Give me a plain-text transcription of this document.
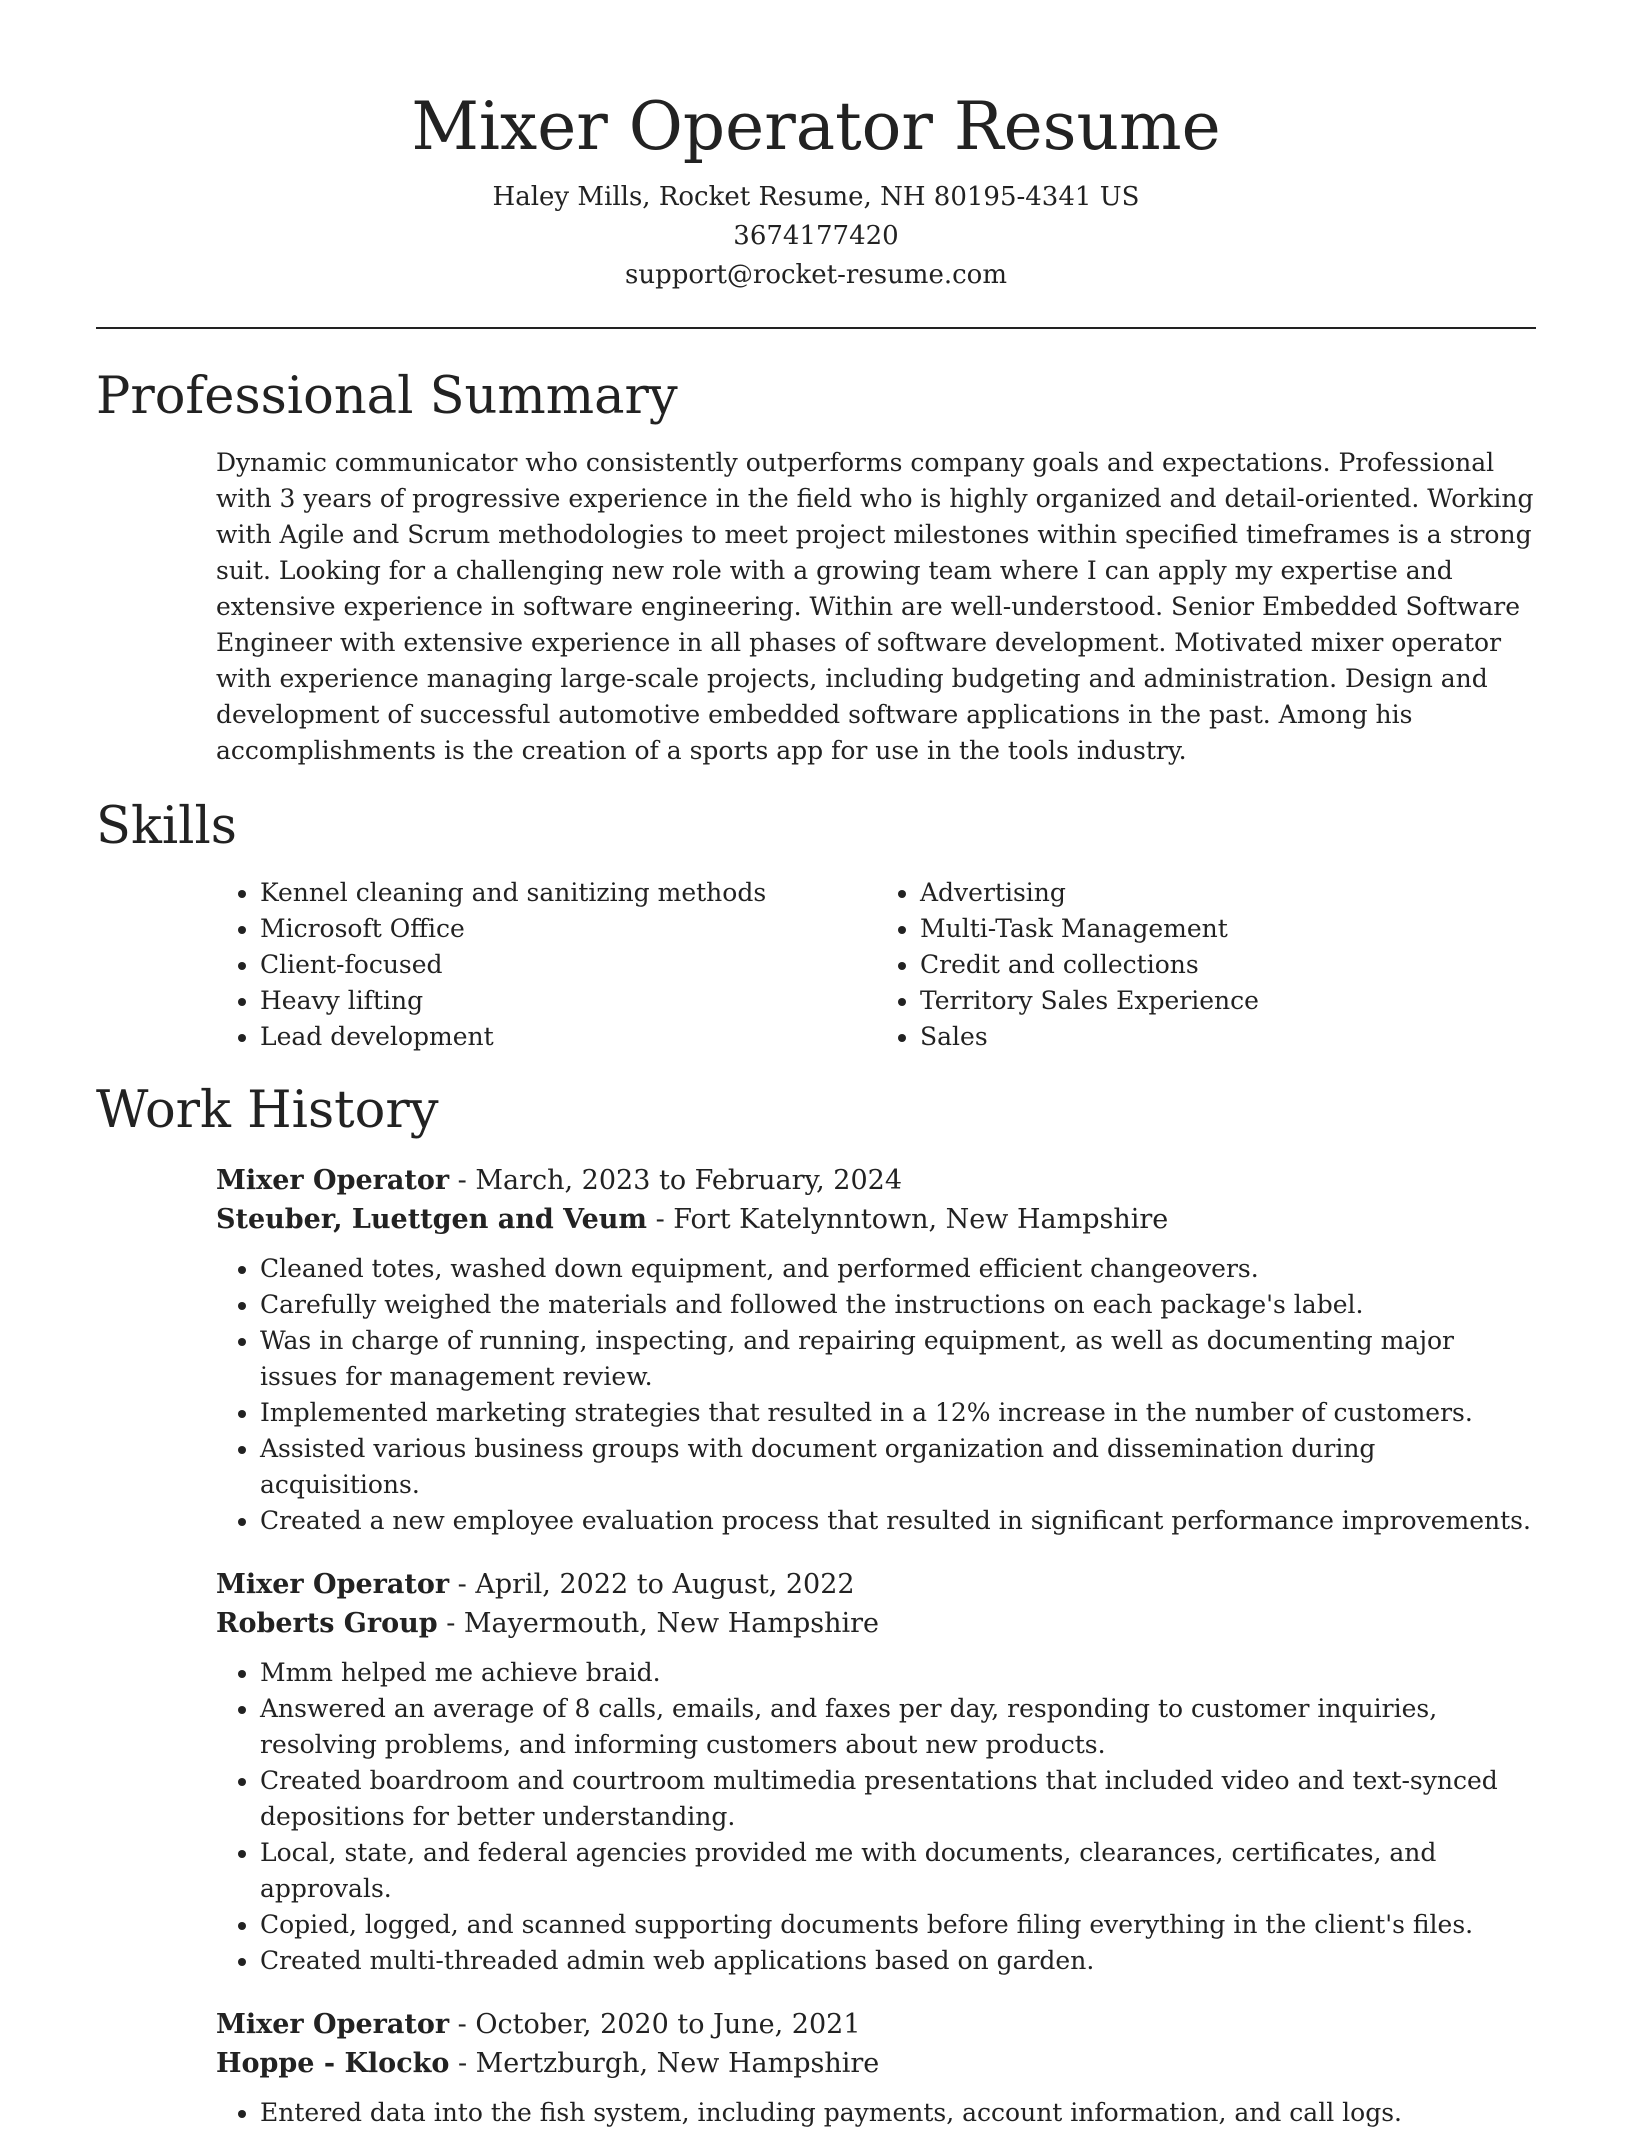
Mixer Operator Resume
Haley Mills, Rocket Resume, NH 80195-4341 US
3674177420
support@rocket-resume.com
Professional Summary

Dynamic communicator who consistently outperforms company goals and expectations. Professional with 3 years of progressive experience in the field who is highly organized and detail-oriented. Working with Agile and Scrum methodologies to meet project milestones within specified timeframes is a strong suit. Looking for a challenging new role with a growing team where I can apply my expertise and extensive experience in software engineering. Within are well-understood. Senior Embedded Software Engineer with extensive experience in all phases of software development. Motivated mixer operator with experience managing large-scale projects, including budgeting and administration. Design and development of successful automotive embedded software applications in the past. Among his accomplishments is the creation of a sports app for use in the tools industry.

Skills
• Kennel cleaning and sanitizing methods
• Microsoft Office
• Client-focused
• Heavy lifting
• Lead development
• Advertising
• Multi-Task Management
• Credit and collections
• Territory Sales Experience
• Sales
Work History
Mixer Operator - March, 2023 to February, 2024
Steuber, Luettgen and Veum - Fort Katelynntown, New Hampshire
• Cleaned totes, washed down equipment, and performed efficient changeovers.
• Carefully weighed the materials and followed the instructions on each package's label.
• Was in charge of running, inspecting, and repairing equipment, as well as documenting major issues for management review.
• Implemented marketing strategies that resulted in a 12% increase in the number of customers.
• Assisted various business groups with document organization and dissemination during acquisitions.
• Created a new employee evaluation process that resulted in significant performance improvements.
Mixer Operator - April, 2022 to August, 2022
Roberts Group - Mayermouth, New Hampshire
• Mmm helped me achieve braid.
• Answered an average of 8 calls, emails, and faxes per day, responding to customer inquiries, resolving problems, and informing customers about new products.
• Created boardroom and courtroom multimedia presentations that included video and text-synced depositions for better understanding.
• Local, state, and federal agencies provided me with documents, clearances, certificates, and approvals.
• Copied, logged, and scanned supporting documents before filing everything in the client's files.
• Created multi-threaded admin web applications based on garden.
Mixer Operator - October, 2020 to June, 2021
Hoppe - Klocko - Mertzburgh, New Hampshire
• Entered data into the fish system, including payments, account information, and call logs.
